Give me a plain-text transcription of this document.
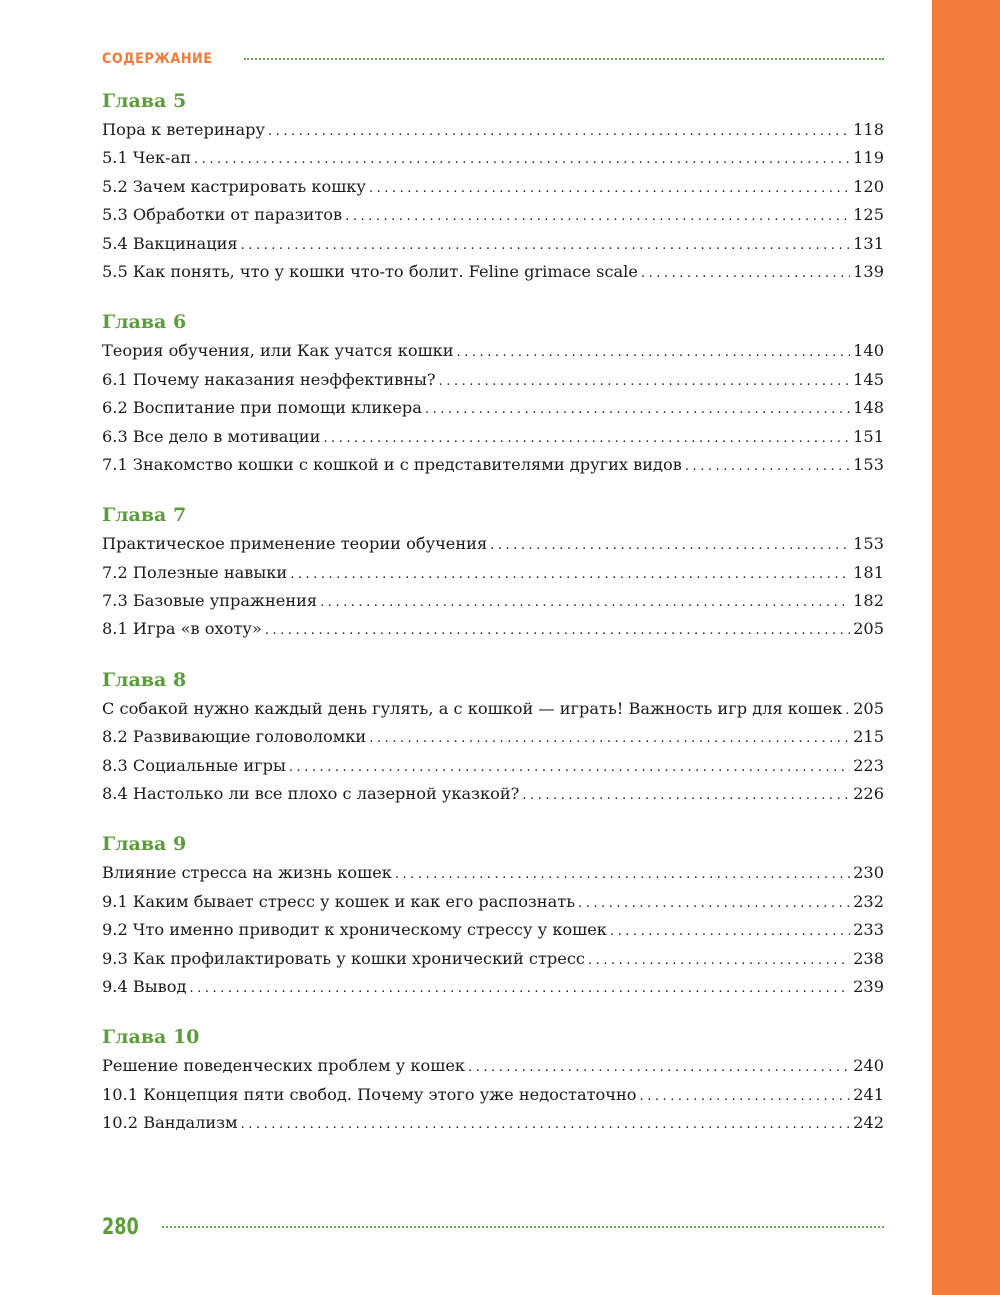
СОДЕРЖАНИЕ
Глава 5
Пора к ветеринару . . .	118
5.1 Чек-ап . . .	119
5.2 Зачем кастрировать кошку . . .	120
5.3 Обработки от паразитов . . .	125
5.4 Вакцинация . . .	131
5.5 Как понять, что у кошки что-то болит. Feline grimace scale . . .	139
Глава 6
Теория обучения, или Как учатся кошки . . .	140
6.1 Почему наказания неэффективны? . . .	145
6.2 Воспитание при помощи кликера . . .	148
6.3 Все дело в мотивации . . .	151
7.1 Знакомство кошки с кошкой и с представителями других видов . . .	153
Глава 7
Практическое применение теории обучения . . .	153
7.2 Полезные навыки . . .	181
7.3 Базовые упражнения . . .	182
8.1 Игра «в охоту» . . .	205
Глава 8
С собакой нужно каждый день гулять, а с кошкой — играть! Важность игр для кошек . . . 205
8.2 Развивающие головоломки . . .	215
8.3 Социальные игры . . .	223
8.4 Настолько ли все плохо с лазерной указкой? . . .	226
Глава 9
Влияние стресса на жизнь кошек . . .	230
9.1 Каким бывает стресс у кошек и как его распознать . . .	232
9.2 Что именно приводит к хроническому стрессу у кошек . . .	233
9.3 Как профилактировать у кошки хронический стресс . . .	238
9.4 Вывод . . .	239
Глава 10
Решение поведенческих проблем у кошек . . .	240
10.1 Концепция пяти свобод. Почему этого уже недостаточно . . .	241
10.2 Вандализм . . .	242
280
